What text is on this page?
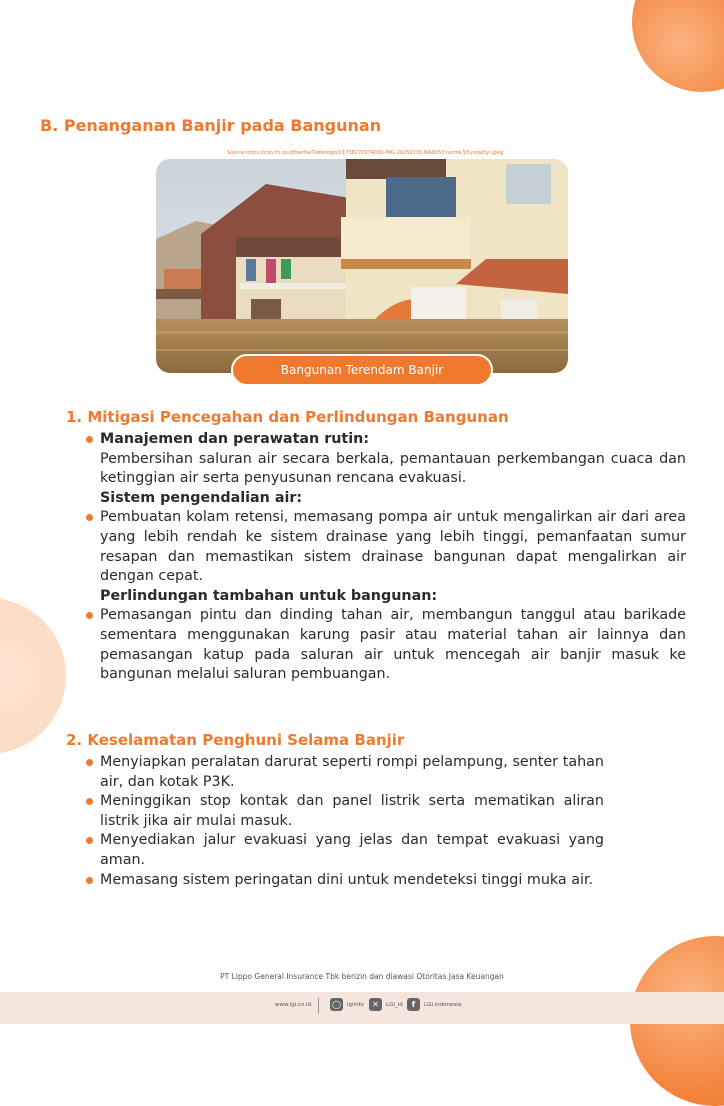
B. Penanganan Banjir pada Bangunan
Source:https://cdn.rri.co.id/berita/Tinfkonglo/l/1738270374030-IMG-20250130-WA0053'nurmk3j5yxdw5yi.jpeg
Bangunan Terendam Banjir
1. Mitigasi Pencegahan dan Perlindungan Bangunan
Manajemen dan perawatan rutin:
Pembersihan saluran air secara berkala, pemantauan perkembangan cuaca dan ketinggian air serta penyusunan rencana evakuasi.
Sistem pengendalian air:
Pembuatan kolam retensi, memasang pompa air untuk mengalirkan air dari area yang lebih rendah ke sistem drainase yang lebih tinggi, pemanfaatan sumur resapan dan memastikan sistem drainase bangunan dapat mengalirkan air dengan cepat.
Perlindungan tambahan untuk bangunan:
Pemasangan pintu dan dinding tahan air, membangun tanggul atau barikade sementara menggunakan karung pasir atau material tahan air lainnya dan pemasangan katup pada saluran air untuk mencegah air banjir masuk ke bangunan melalui saluran pembuangan.
2. Keselamatan Penghuni Selama Banjir
Menyiapkan peralatan darurat seperti rompi pelampung, senter tahan air, dan kotak P3K.
Meninggikan stop kontak dan panel listrik serta mematikan aliran listrik jika air mulai masuk.
Menyediakan jalur evakuasi yang jelas dan tempat evakuasi yang aman.
Memasang sistem peringatan dini untuk mendeteksi tinggi muka air.
PT Lippo General Insurance Tbk berizin dan diawasi Otoritas Jasa Keuangan
www.lgi.co.id	◯	lgiinfo	✕	LGI_id	f	LGI.indonesia
